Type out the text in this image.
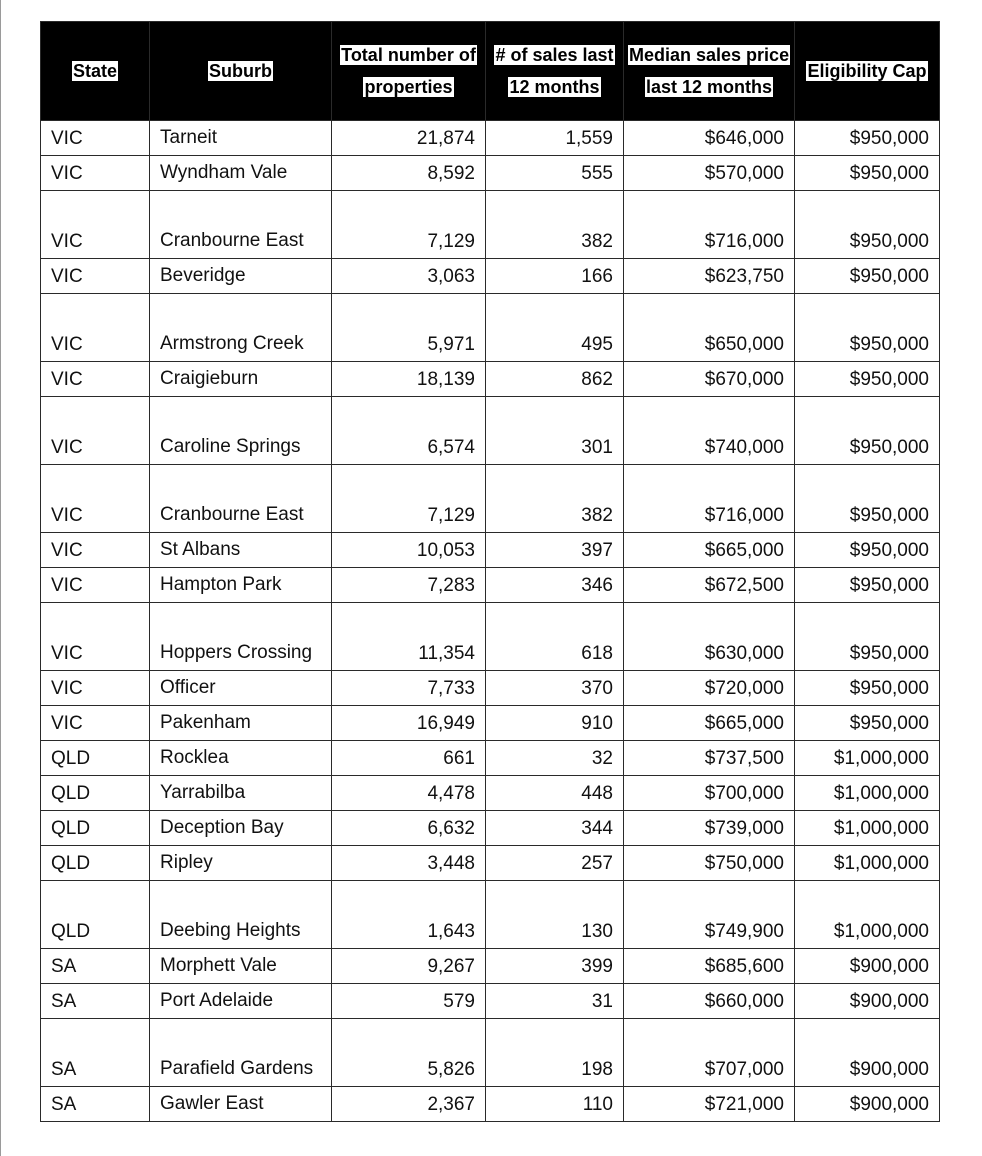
State	Suburb	Total number of properties	# of sales last 12 months	Median sales price last 12 months	Eligibility Cap
VIC	Tarneit	21,874	1,559	$646,000	$950,000
VIC	Wyndham Vale	8,592	555	$570,000	$950,000
VIC	Cranbourne East	7,129	382	$716,000	$950,000
VIC	Beveridge	3,063	166	$623,750	$950,000
VIC	Armstrong Creek	5,971	495	$650,000	$950,000
VIC	Craigieburn	18,139	862	$670,000	$950,000
VIC	Caroline Springs	6,574	301	$740,000	$950,000
VIC	Cranbourne East	7,129	382	$716,000	$950,000
VIC	St Albans	10,053	397	$665,000	$950,000
VIC	Hampton Park	7,283	346	$672,500	$950,000
VIC	Hoppers Crossing	11,354	618	$630,000	$950,000
VIC	Officer	7,733	370	$720,000	$950,000
VIC	Pakenham	16,949	910	$665,000	$950,000
QLD	Rocklea	661	32	$737,500	$1,000,000
QLD	Yarrabilba	4,478	448	$700,000	$1,000,000
QLD	Deception Bay	6,632	344	$739,000	$1,000,000
QLD	Ripley	3,448	257	$750,000	$1,000,000
QLD	Deebing Heights	1,643	130	$749,900	$1,000,000
SA	Morphett Vale	9,267	399	$685,600	$900,000
SA	Port Adelaide	579	31	$660,000	$900,000
SA	Parafield Gardens	5,826	198	$707,000	$900,000
SA	Gawler East	2,367	110	$721,000	$900,000
